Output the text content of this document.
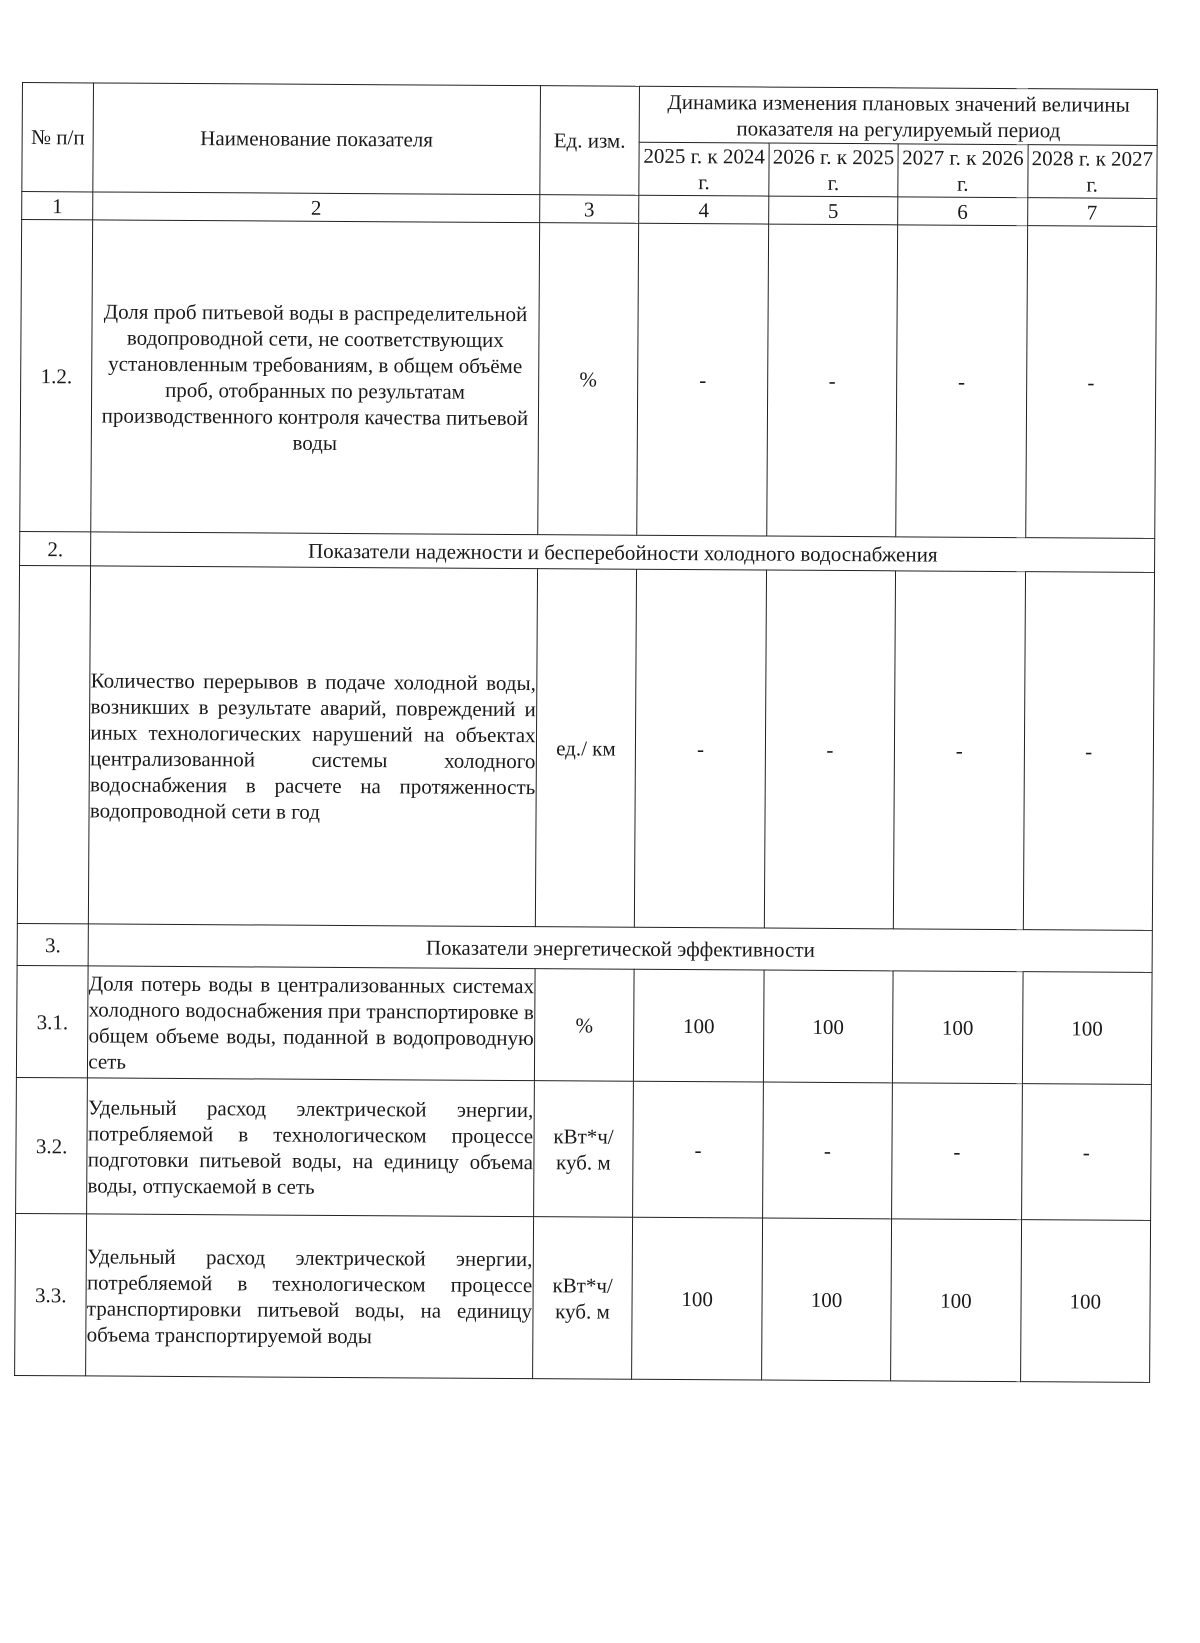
№ п/п	Наименование показателя	Ед. изм.	Динамика изменения плановых значений величины показателя на регулируемый период			
			2025 г. к 2024 г.	2026 г. к 2025 г.	2027 г. к 2026 г.	2028 г. к 2027 г.
1	2	3	4	5	6	7
1.2.	Доля проб питьевой воды в распределительной водопроводной сети, не соответствующих установленным требованиям, в общем объёме проб, отобранных по результатам производственного контроля качества питьевой воды	%	-	-	-	-
2.	Показатели надежности и бесперебойности холодного водоснабжения					
	Количество перерывов в подаче холодной воды, возникших в результате аварий, повреждений и иных технологических нарушений на объектах централизованной системы холодного водоснабжения в расчете на протяженность водопроводной сети в год	ед./ км	-	-	-	-
3.	Показатели энергетической эффективности					
3.1.	Доля потерь воды в централизованных системах холодного водоснабжения при транспортировке в общем объеме воды, поданной в водопроводную сеть	%	100	100	100	100
3.2.	Удельный расход электрической энергии, потребляемой в технологическом процессе подготовки питьевой воды, на единицу объема воды, отпускаемой в сеть	кВт*ч/ куб. м	-	-	-	-
3.3.	Удельный расход электрической энергии, потребляемой в технологическом процессе транспортировки питьевой воды, на единицу объема транспортируемой воды	кВт*ч/ куб. м	100	100	100	100
